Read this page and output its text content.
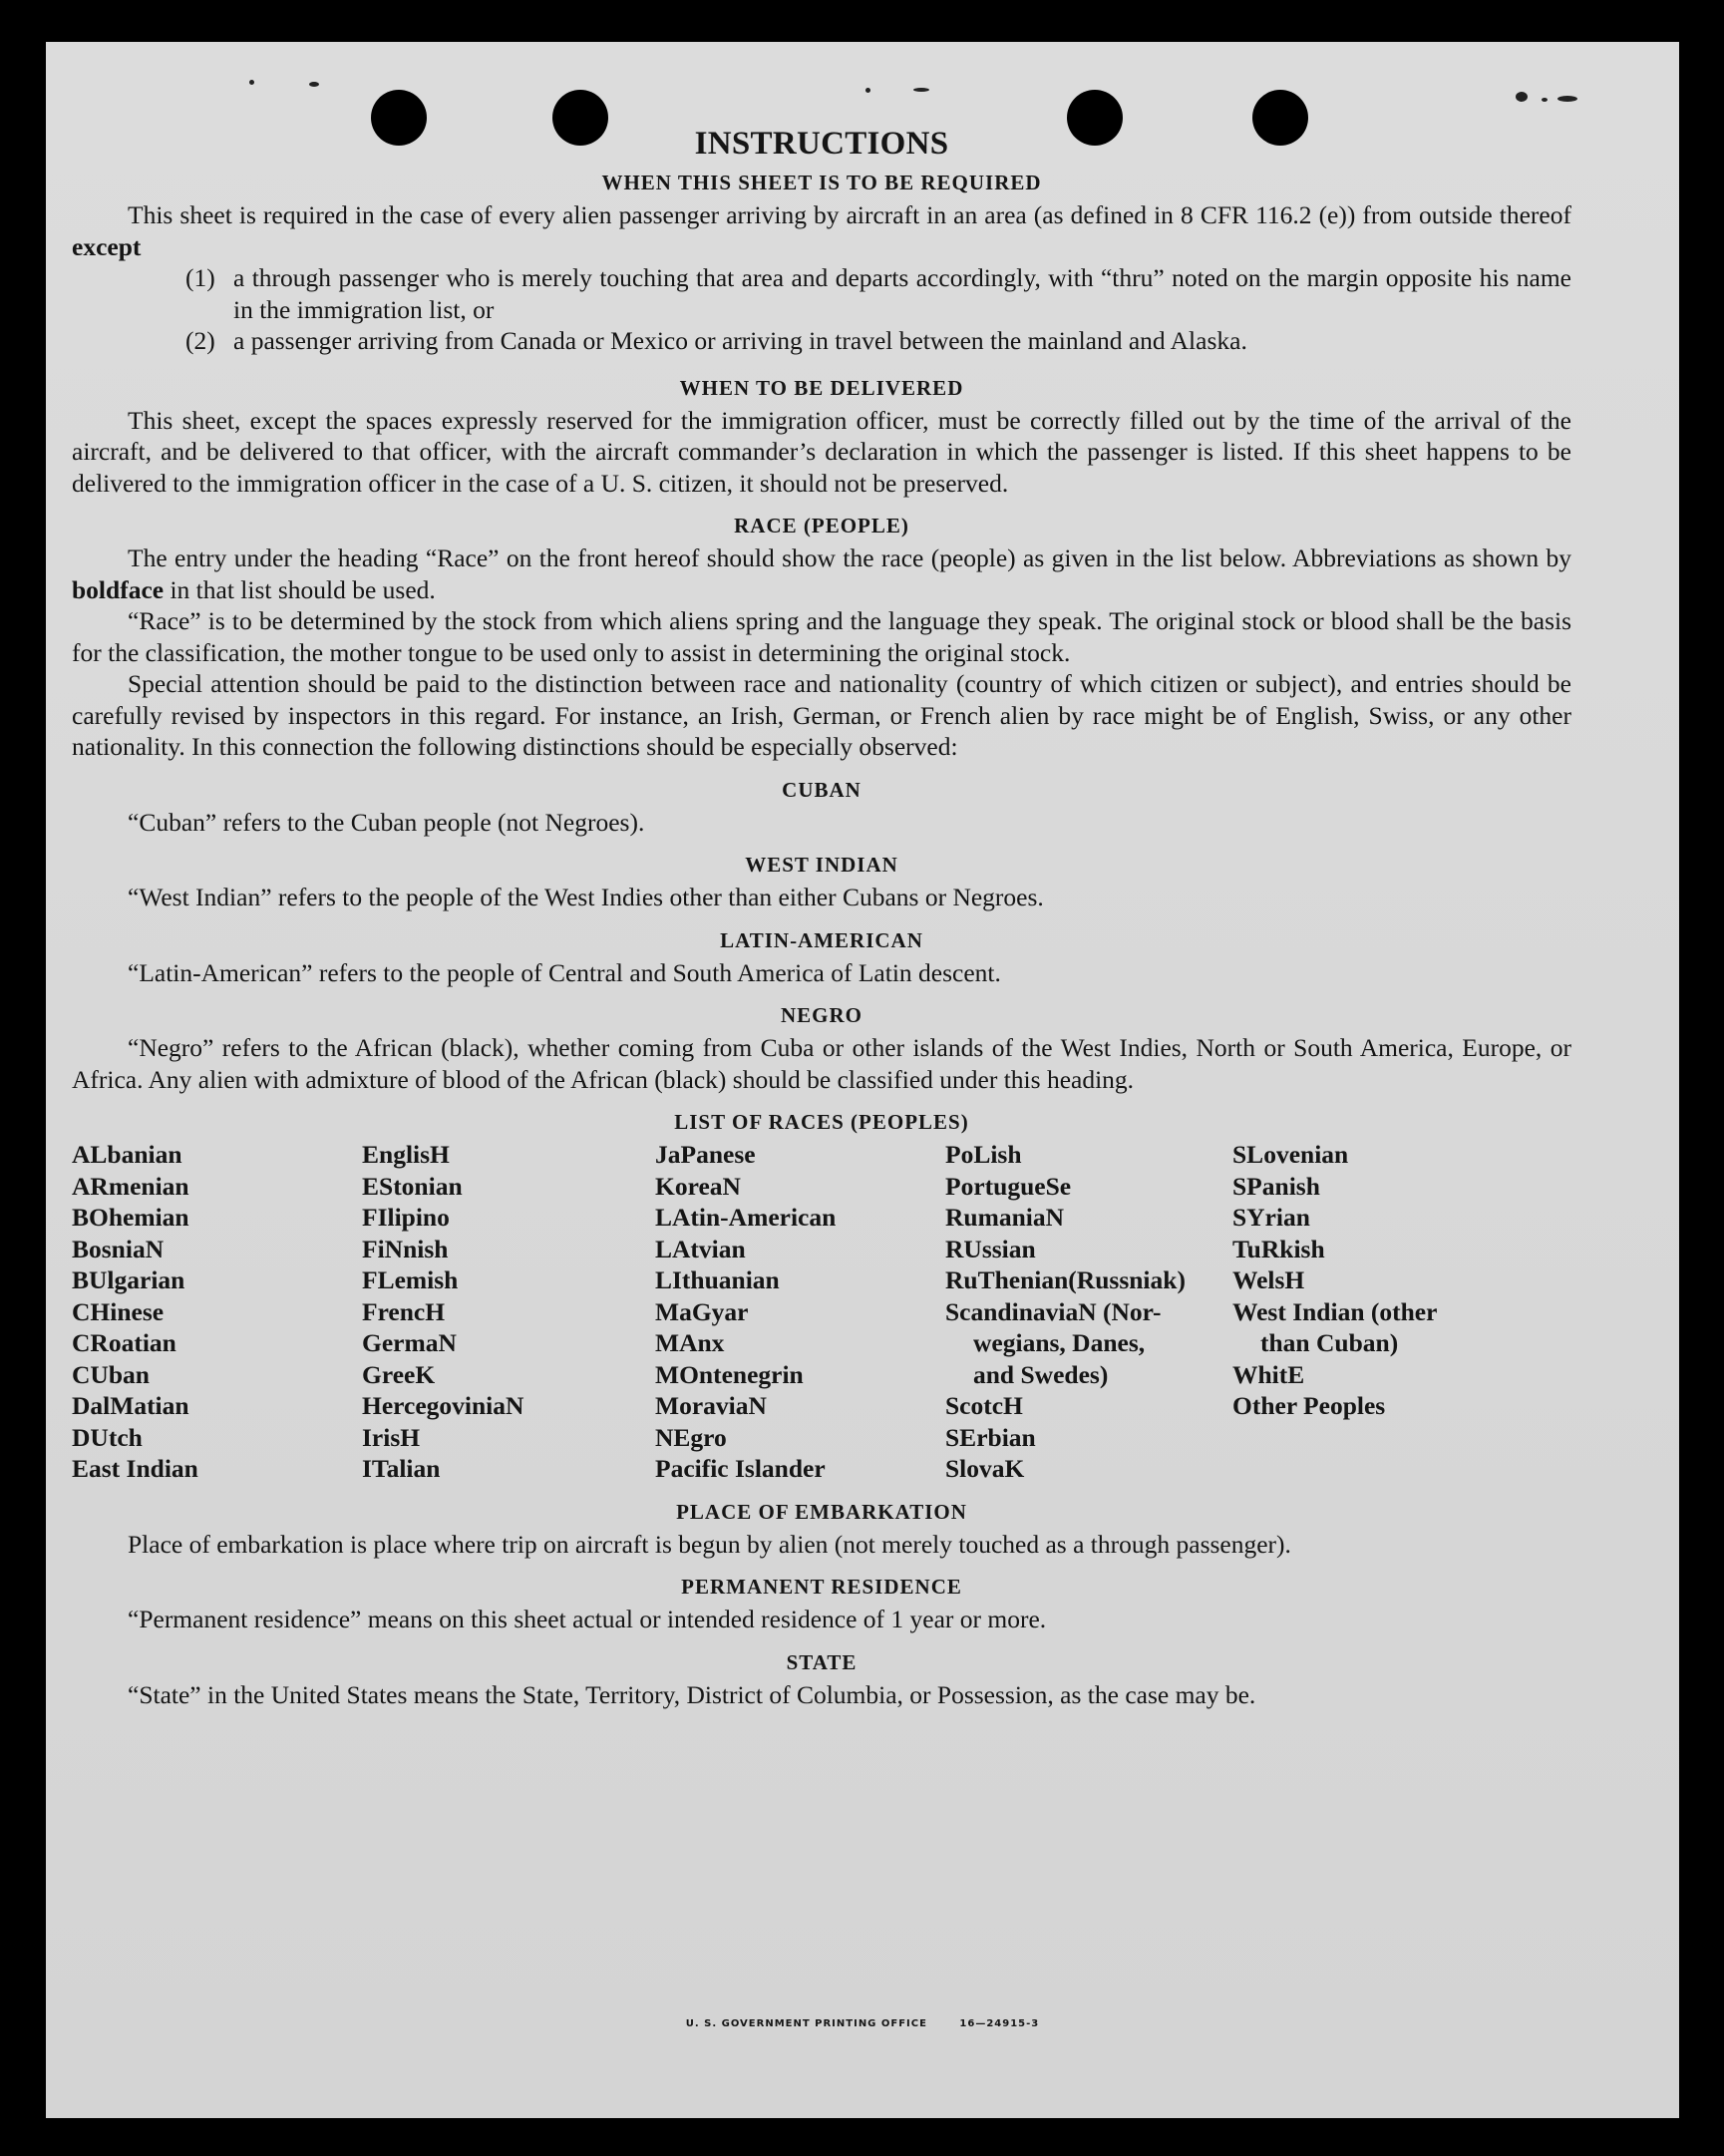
INSTRUCTIONS
WHEN THIS SHEET IS TO BE REQUIRED

This sheet is required in the case of every alien passenger arriving by aircraft in an area (as defined in 8 CFR 116.2 (e)) from outside thereof except

(1) a through passenger who is merely touching that area and departs accordingly, with “thru” noted on the margin opposite his name in the immigration list, or
(2) a passenger arriving from Canada or Mexico or arriving in travel between the mainland and Alaska.
WHEN TO BE DELIVERED

This sheet, except the spaces expressly reserved for the immigration officer, must be correctly filled out by the time of the arrival of the aircraft, and be delivered to that officer, with the aircraft commander’s declaration in which the passenger is listed. If this sheet happens to be delivered to the immigration officer in the case of a U. S. citizen, it should not be preserved.

RACE (PEOPLE)

The entry under the heading “Race” on the front hereof should show the race (people) as given in the list below. Abbreviations as shown by boldface in that list should be used.

“Race” is to be determined by the stock from which aliens spring and the language they speak. The original stock or blood shall be the basis for the classification, the mother tongue to be used only to assist in determining the original stock.

Special attention should be paid to the distinction between race and nationality (country of which citizen or subject), and entries should be carefully revised by inspectors in this regard. For instance, an Irish, German, or French alien by race might be of English, Swiss, or any other nationality. In this connection the following distinctions should be especially observed:

CUBAN

“Cuban” refers to the Cuban people (not Negroes).

WEST INDIAN

“West Indian” refers to the people of the West Indies other than either Cubans or Negroes.

LATIN-AMERICAN

“Latin-American” refers to the people of Central and South America of Latin descent.

NEGRO

“Negro” refers to the African (black), whether coming from Cuba or other islands of the West Indies, North or South America, Europe, or Africa. Any alien with admixture of blood of the African (black) should be classified under this heading.

LIST OF RACES (PEOPLES)
ALbanian
ARmenian
BOhemian
BosniaN
BUlgarian
CHinese
CRoatian
CUban
DalMatian
DUtch
East Indian
EnglisH
EStonian
FIlipino
FiNnish
FLemish
FrencH
GermaN
GreeK
HercegoviniaN
IrisH
ITalian
JaPanese
KoreaN
LAtin-American
LAtvian
LIthuanian
MaGyar
MAnx
MOntenegrin
MoraviaN
NEgro
Pacific Islander
PoLish
PortugueSe
RumaniaN
RUssian
RuThenian(Russniak)
ScandinaviaN (Nor-
wegians, Danes,
and Swedes)
ScotcH
SErbian
SlovaK
SLovenian
SPanish
SYrian
TuRkish
WelsH
West Indian (other
than Cuban)
WhitE
Other Peoples
PLACE OF EMBARKATION

Place of embarkation is place where trip on aircraft is begun by alien (not merely touched as a through passenger).

PERMANENT RESIDENCE

“Permanent residence” means on this sheet actual or intended residence of 1 year or more.

STATE

“State” in the United States means the State, Territory, District of Columbia, or Possession, as the case may be.

U. S. GOVERNMENT PRINTING OFFICE	16—24915-3
